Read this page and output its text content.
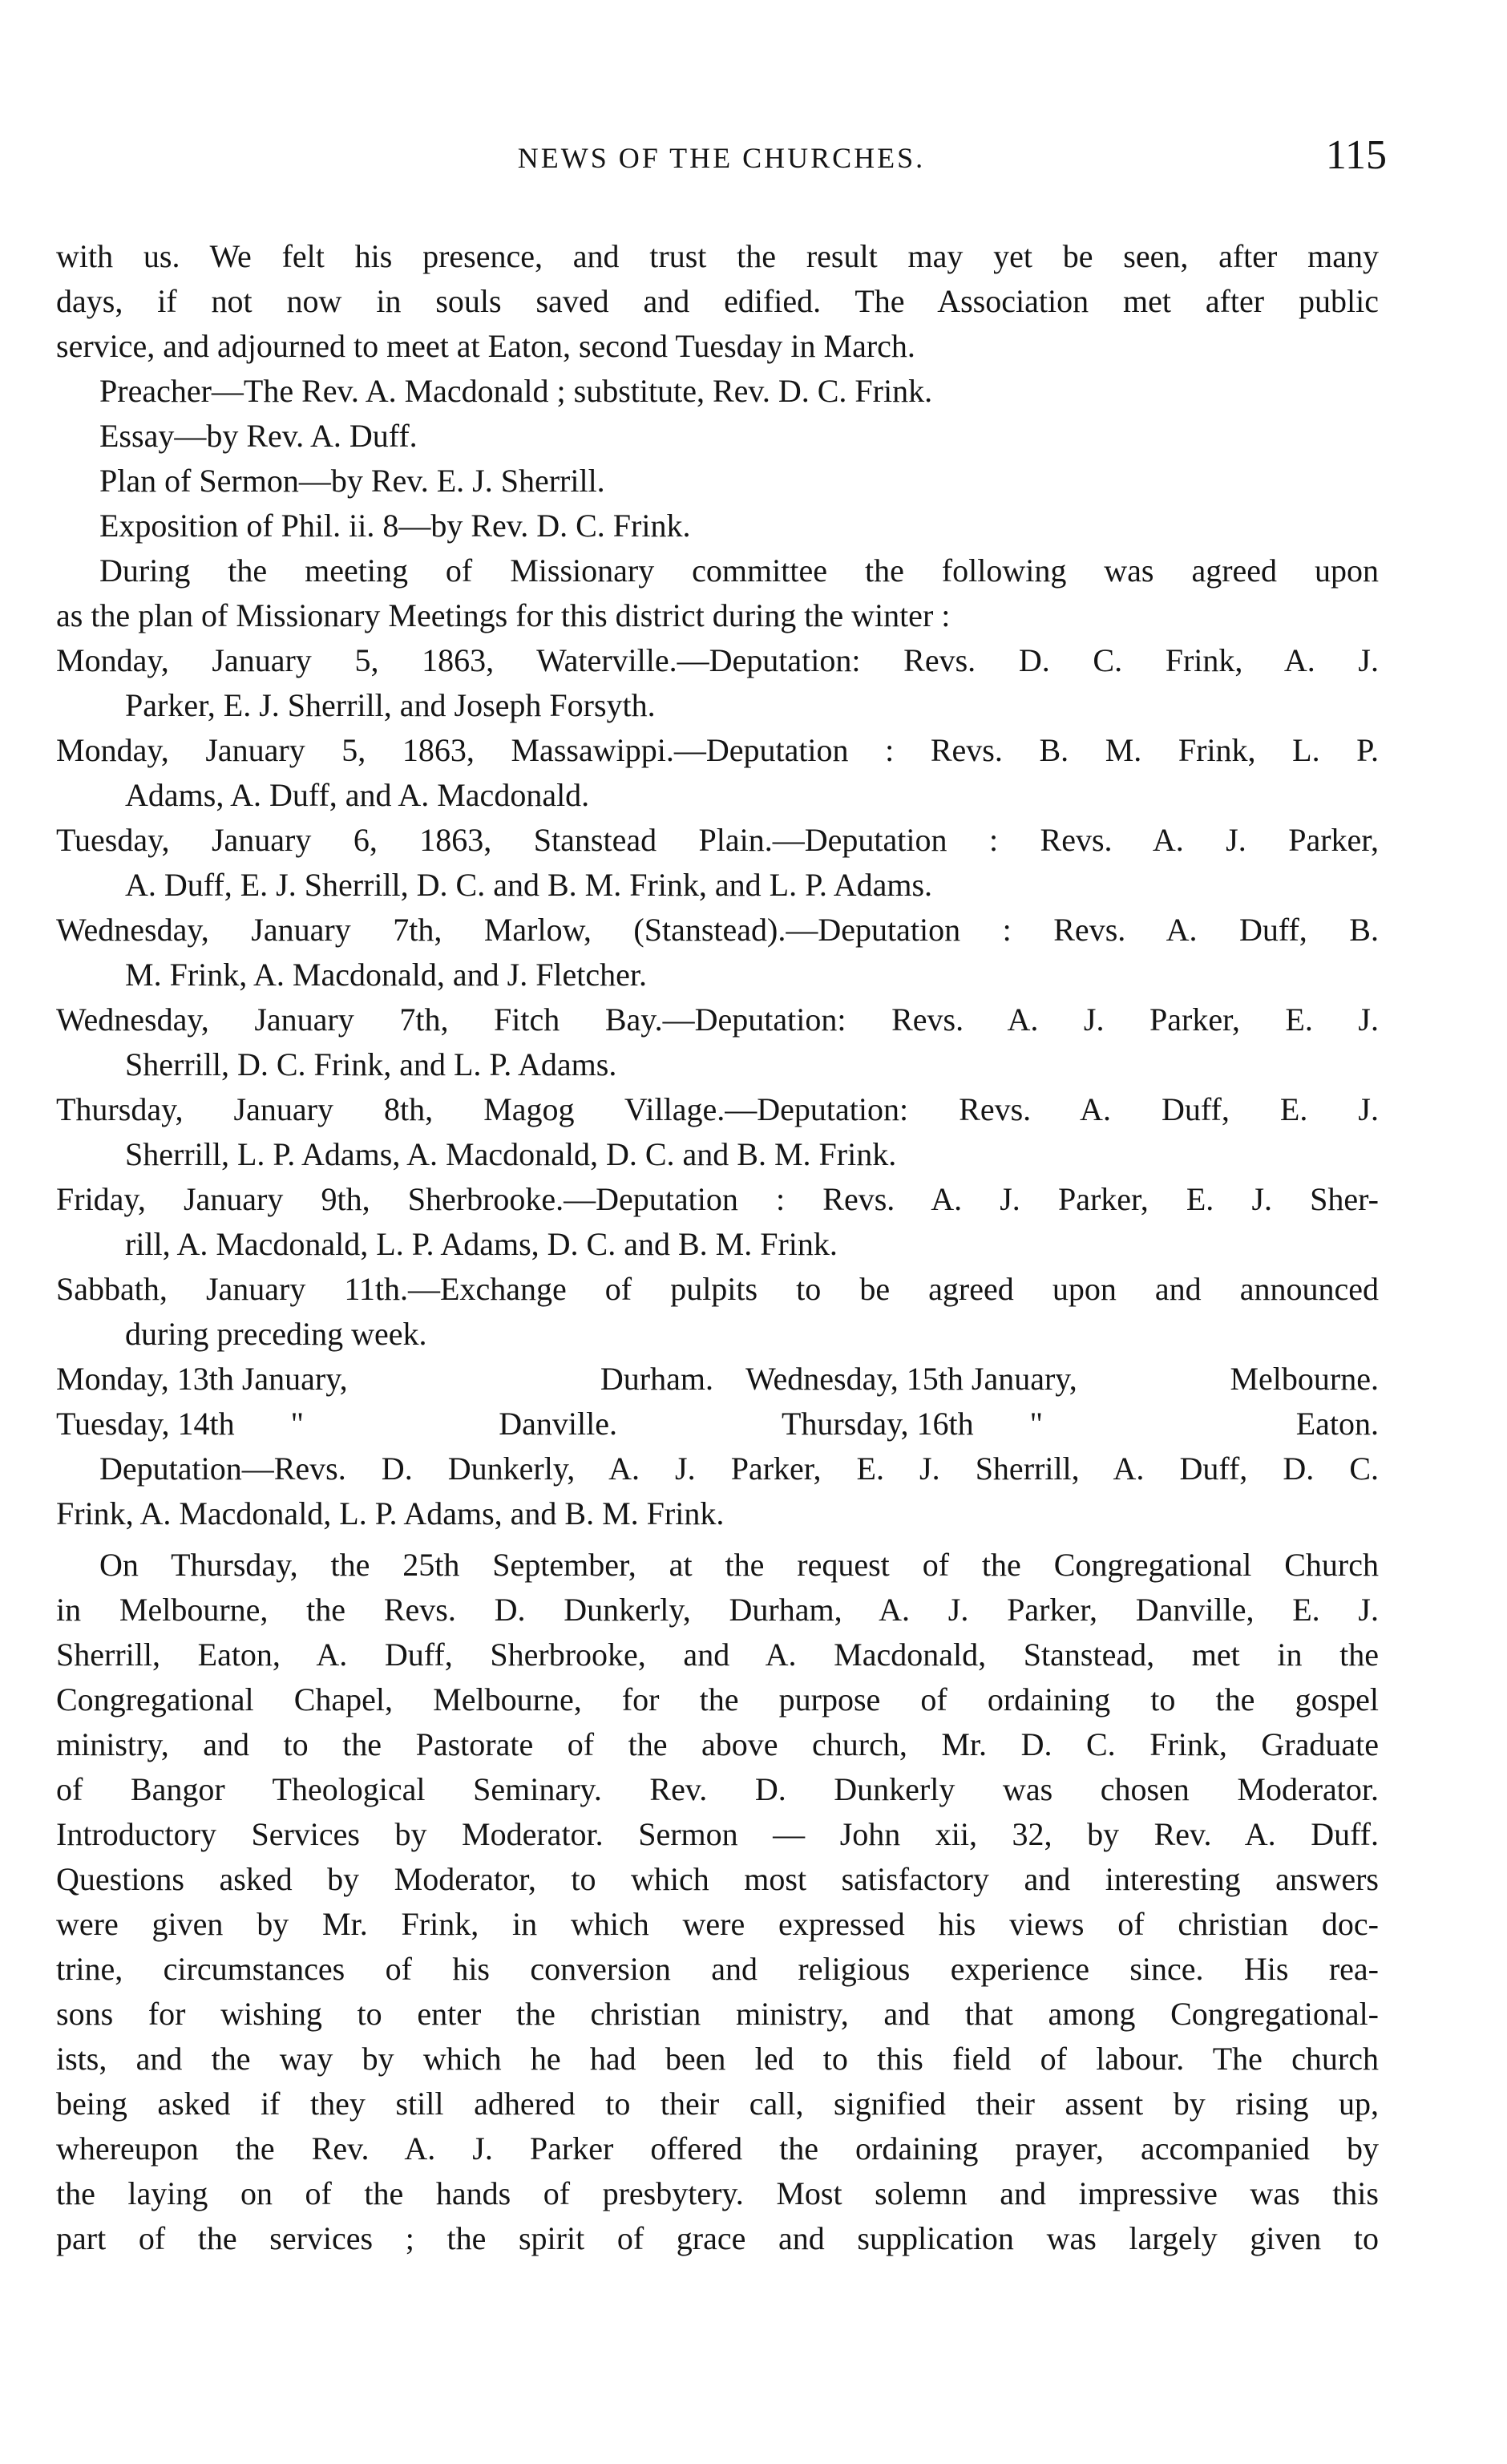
NEWS OF THE CHURCHES.	115

with us. We felt his presence, and trust the result may yet be seen, after many

days, if not now in souls saved and edified. The Association met after public

service, and adjourned to meet at Eaton, second Tuesday in March.

Preacher—The Rev. A. Macdonald ; substitute, Rev. D. C. Frink.

Essay—by Rev. A. Duff.

Plan of Sermon—by Rev. E. J. Sherrill.

Exposition of Phil. ii. 8—by Rev. D. C. Frink.

During the meeting of Missionary committee the following was agreed upon

as the plan of Missionary Meetings for this district during the winter :

Monday, January 5, 1863, Waterville.—Deputation: Revs. D. C. Frink, A. J.

Parker, E. J. Sherrill, and Joseph Forsyth.

Monday, January 5, 1863, Massawippi.—Deputation : Revs. B. M. Frink, L. P.

Adams, A. Duff, and A. Macdonald.

Tuesday, January 6, 1863, Stanstead Plain.—Deputation : Revs. A. J. Parker,

A. Duff, E. J. Sherrill, D. C. and B. M. Frink, and L. P. Adams.

Wednesday, January 7th, Marlow, (Stanstead).—Deputation : Revs. A. Duff, B.

M. Frink, A. Macdonald, and J. Fletcher.

Wednesday, January 7th, Fitch Bay.—Deputation: Revs. A. J. Parker, E. J.

Sherrill, D. C. Frink, and L. P. Adams.

Thursday, January 8th, Magog Village.—Deputation: Revs. A. Duff, E. J.

Sherrill, L. P. Adams, A. Macdonald, D. C. and B. M. Frink.

Friday, January 9th, Sherbrooke.—Deputation : Revs. A. J. Parker, E. J. Sher-

rill, A. Macdonald, L. P. Adams, D. C. and B. M. Frink.

Sabbath, January 11th.—Exchange of pulpits to be agreed upon and announced

during preceding week.

Monday, 13th January,	Durham. Wednesday, 15th January,	Melbourne.
Tuesday, 14th       "	Danville.	Thursday, 16th       "	Eaton.

Deputation—Revs. D. Dunkerly, A. J. Parker, E. J. Sherrill, A. Duff, D. C.

Frink, A. Macdonald, L. P. Adams, and B. M. Frink.

On Thursday, the 25th September, at the request of the Congregational Church

in Melbourne, the Revs. D. Dunkerly, Durham, A. J. Parker, Danville, E. J.

Sherrill, Eaton, A. Duff, Sherbrooke, and A. Macdonald, Stanstead, met in the

Congregational Chapel, Melbourne, for the purpose of ordaining to the gospel

ministry, and to the Pastorate of the above church, Mr. D. C. Frink, Graduate

of Bangor Theological Seminary. Rev. D. Dunkerly was chosen Moderator.

Introductory Services by Moderator. Sermon — John xii, 32, by Rev. A. Duff.

Questions asked by Moderator, to which most satisfactory and interesting answers

were given by Mr. Frink, in which were expressed his views of christian doc-

trine, circumstances of his conversion and religious experience since. His rea-

sons for wishing to enter the christian ministry, and that among Congregational-

ists, and the way by which he had been led to this field of labour. The church

being asked if they still adhered to their call, signified their assent by rising up,

whereupon the Rev. A. J. Parker offered the ordaining prayer, accompanied by

the laying on of the hands of presbytery. Most solemn and impressive was this

part of the services ; the spirit of grace and supplication was largely given to
